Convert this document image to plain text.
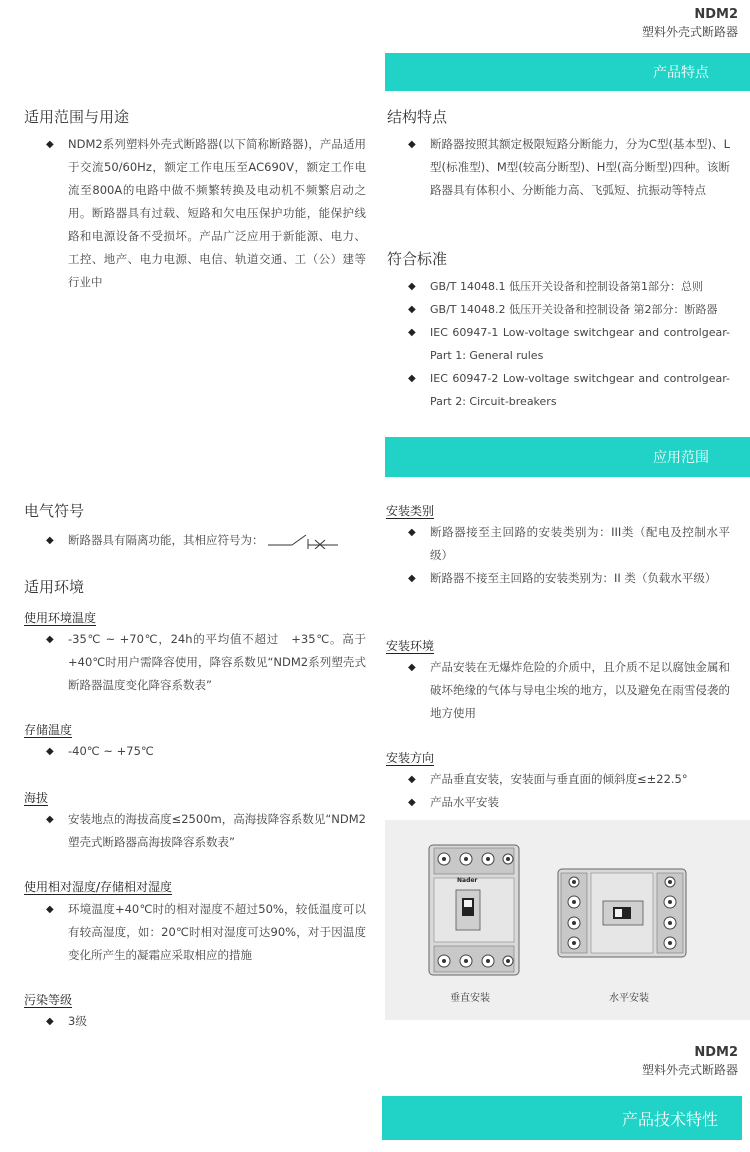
NDM2
塑料外壳式断路器
产品特点
适用范围与用途
◆	NDM2系列塑料外壳式断路器(以下简称断路器)，产品适用于交流50/60Hz，额定工作电压至AC690V，额定工作电流至800A的电路中做不频繁转换及电动机不频繁启动之用。断路器具有过载、短路和欠电压保护功能，能保护线路和电源设备不受损坏。产品广泛应用于新能源、电力、工控、地产、电力电源、电信、轨道交通、工（公）建等行业中
结构特点
◆	断路器按照其额定极限短路分断能力，分为C型(基本型)、L型(标准型)、M型(较高分断型)、H型(高分断型)四种。该断路器具有体积小、分断能力高、飞弧短、抗振动等特点
符合标准
◆	GB/T 14048.1 低压开关设备和控制设备第1部分：总则
◆	GB/T 14048.2 低压开关设备和控制设备 第2部分：断路器
◆	IEC 60947-1 Low-voltage switchgear and controlgear-Part 1: General rules
◆	IEC 60947-2 Low-voltage switchgear and controlgear-Part 2: Circuit-breakers
应用范围
电气符号
◆	断路器具有隔离功能，其相应符号为：
适用环境
使用环境温度
◆	-35℃ ~ +70℃，24h的平均值不超过　+35℃。高于+40℃时用户需降容使用，降容系数见“NDM2系列塑壳式断路器温度变化降容系数表”
存储温度
◆	-40℃ ~ +75℃
海拔
◆	安装地点的海拔高度≤2500m，高海拔降容系数见“NDM2塑壳式断路器高海拔降容系数表”
使用相对湿度/存储相对湿度
◆	环境温度+40℃时的相对湿度不超过50%，较低温度可以有较高湿度，如：20℃时相对湿度可达90%，对于因温度变化所产生的凝霜应采取相应的措施
污染等级
◆	3级
安装类别
◆	断路器接至主回路的安装类别为：III类（配电及控制水平级）
◆	断路器不接至主回路的安装类别为：II 类（负载水平级）
安装环境
◆	产品安装在无爆炸危险的介质中，且介质不足以腐蚀金属和破坏绝缘的气体与导电尘埃的地方，以及避免在雨雪侵袭的地方使用
安装方向
◆	产品垂直安装，安装面与垂直面的倾斜度≤±22.5°
◆	产品水平安装
Nader
垂直安装	水平安装
NDM2
塑料外壳式断路器
产品技术特性
